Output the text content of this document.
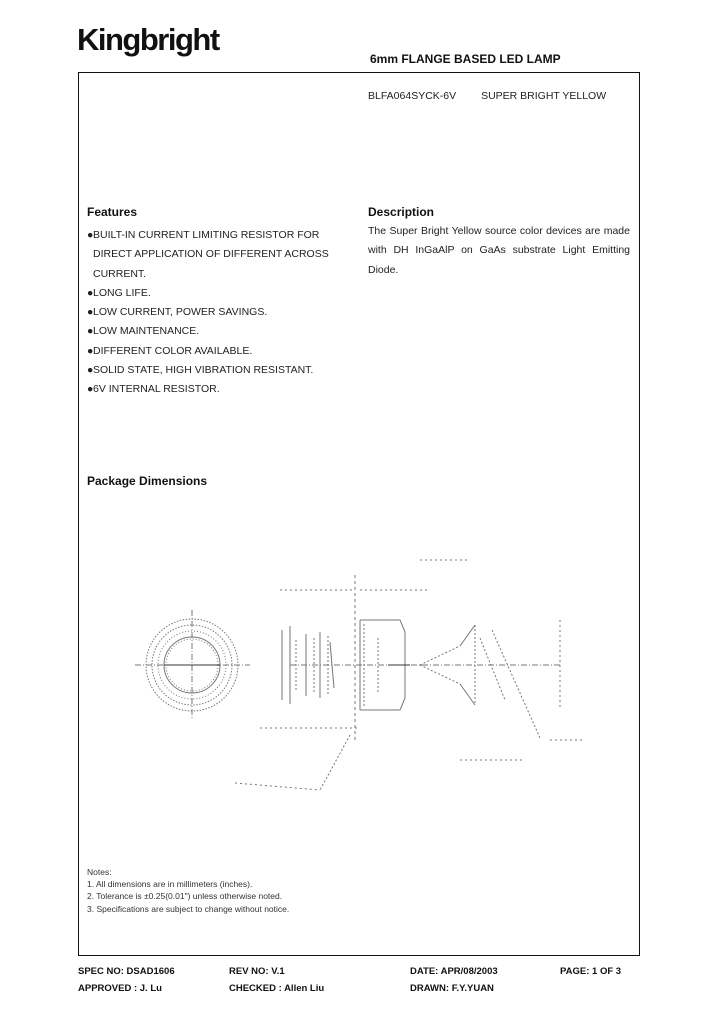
Kingbright
6mm FLANGE BASED LED LAMP
BLFA064SYCK-6V SUPER BRIGHT YELLOW
Features
●BUILT-IN CURRENT LIMITING RESISTOR FOR DIRECT APPLICATION OF DIFFERENT ACROSS CURRENT.
●LONG LIFE.
●LOW CURRENT, POWER SAVINGS.
●LOW MAINTENANCE.
●DIFFERENT COLOR AVAILABLE.
●SOLID STATE, HIGH VIBRATION RESISTANT.
●6V INTERNAL RESISTOR.
Description

The Super Bright Yellow source color devices are made with DH InGaAlP on GaAs substrate Light Emitting Diode.

Package Dimensions
Notes:
1. All dimensions are in millimeters (inches).
2. Tolerance is ±0.25(0.01") unless otherwise noted.
3. Specifications are subject to change without notice.
SPEC NO: DSAD1606	REV NO: V.1	DATE: APR/08/2003	PAGE: 1 OF 3
APPROVED : J. Lu	CHECKED : Allen Liu	DRAWN: F.Y.YUAN
